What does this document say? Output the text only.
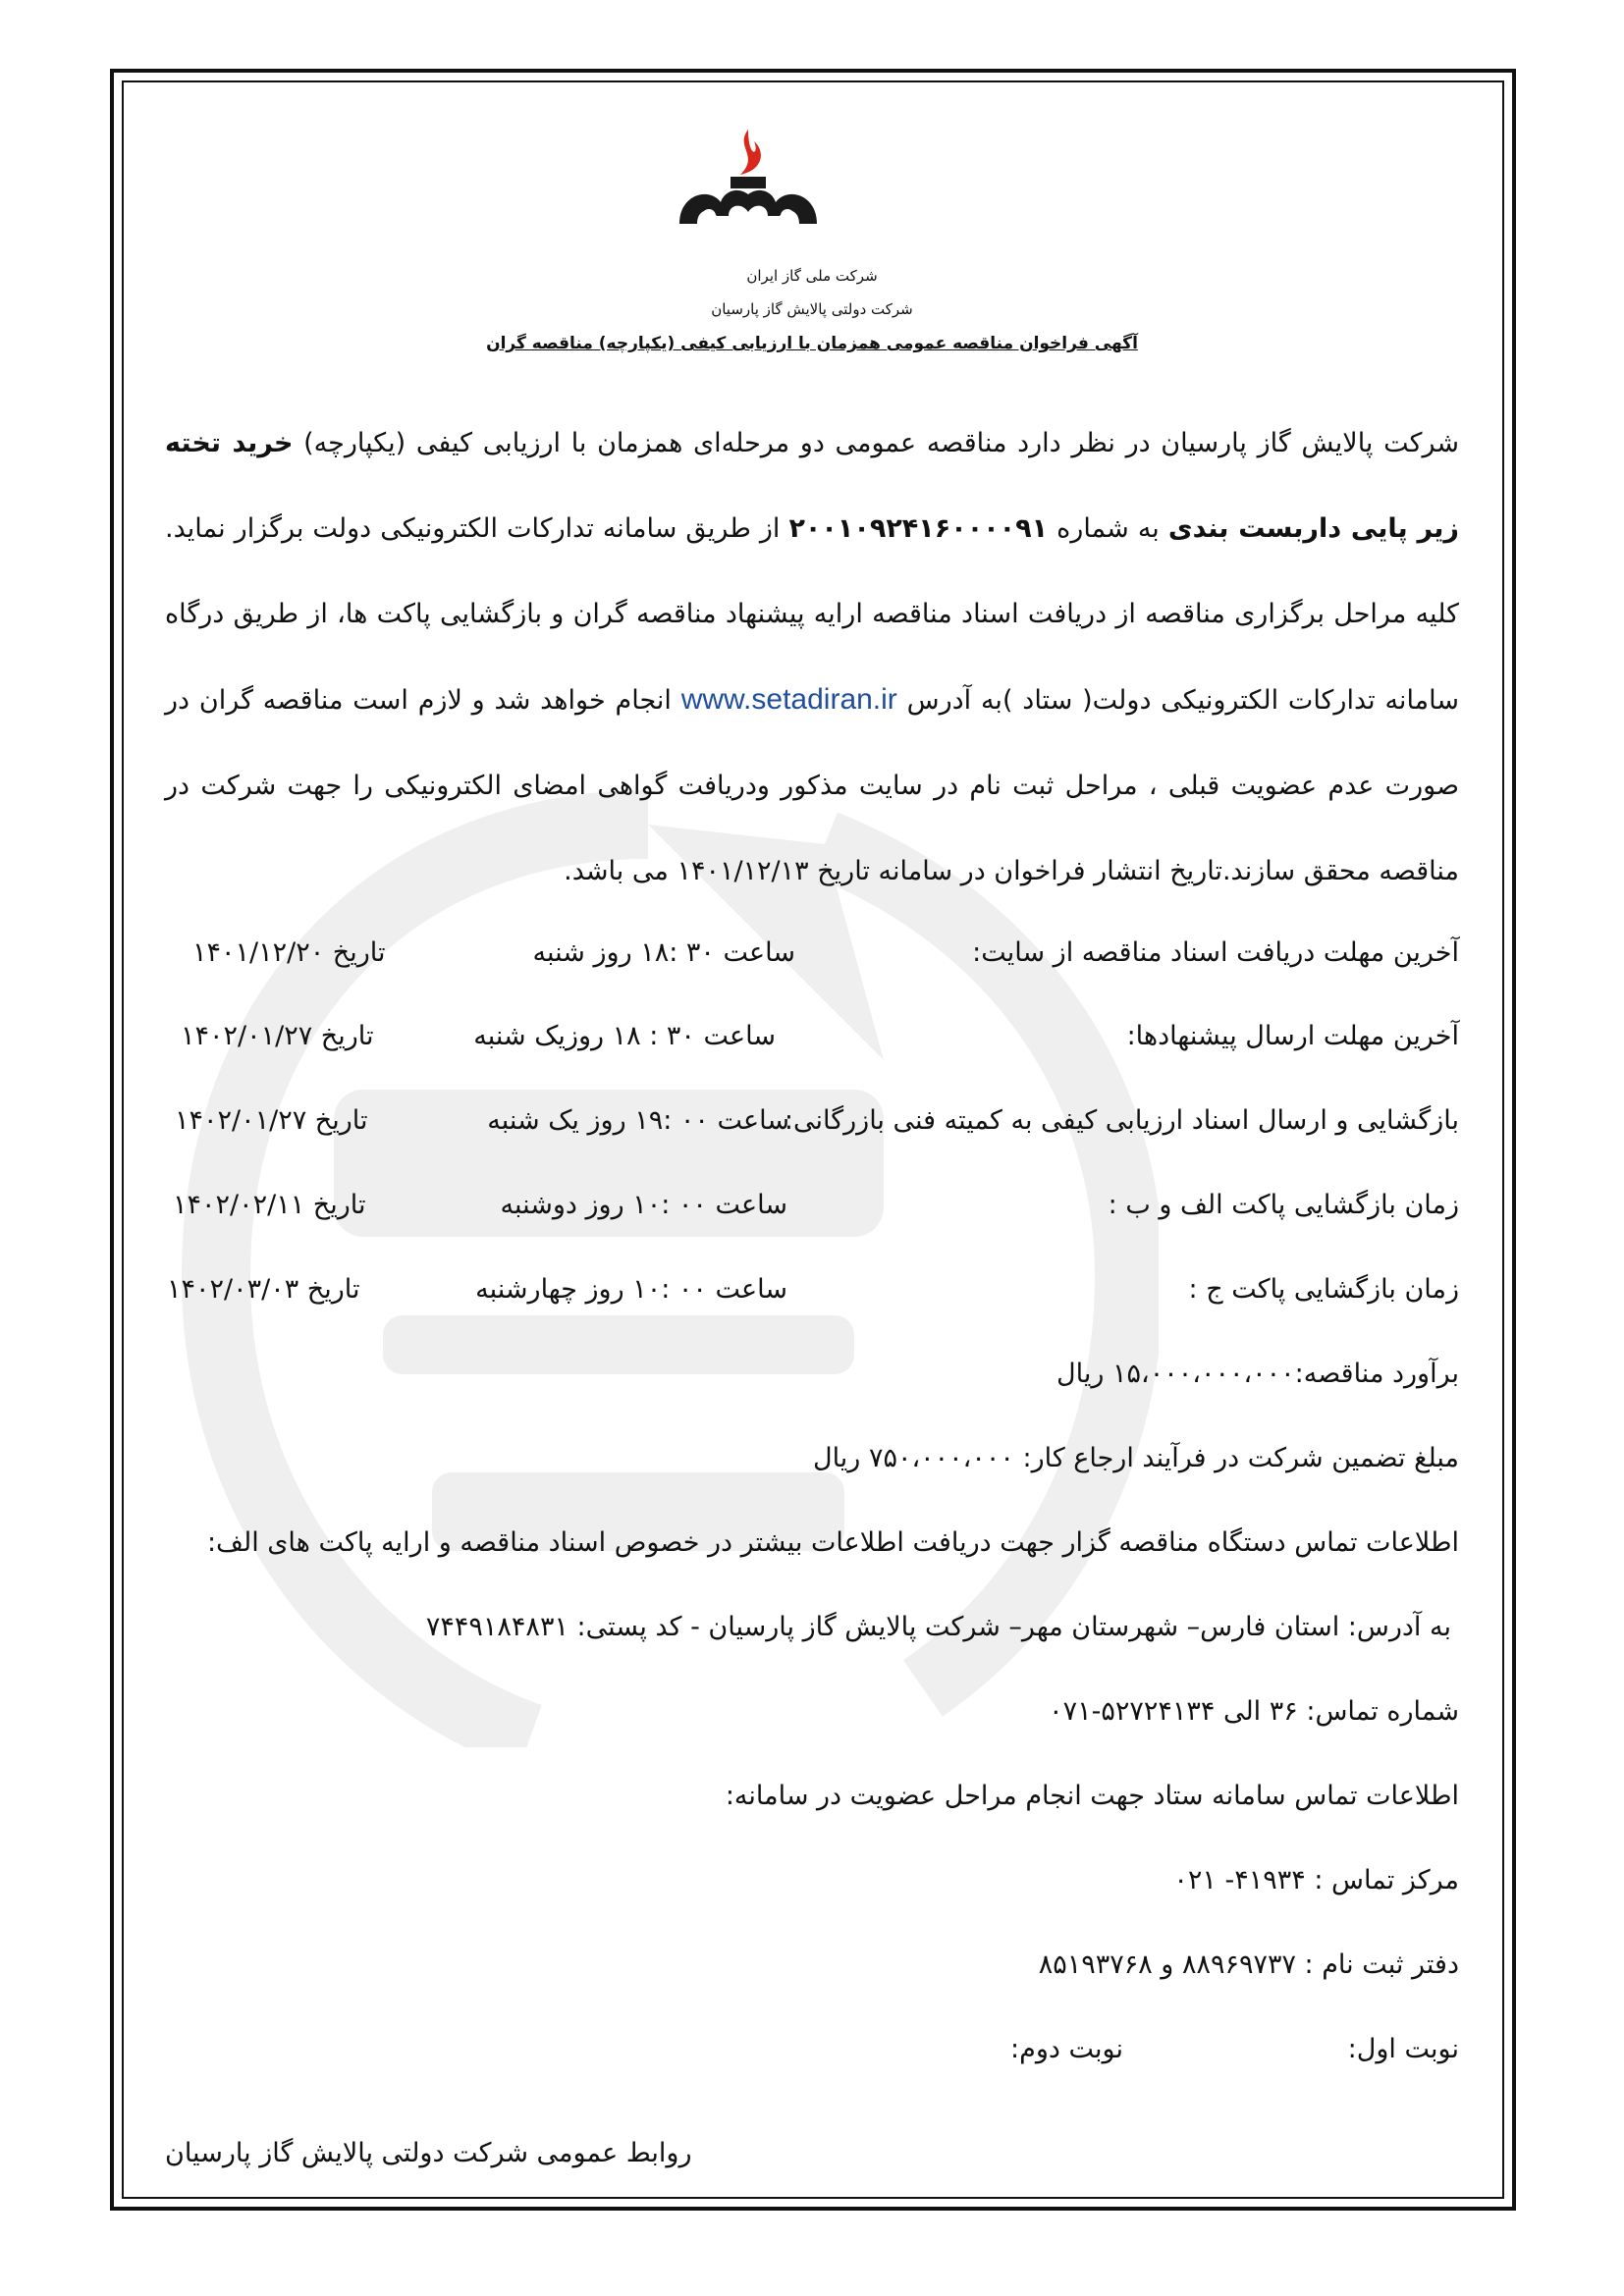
شرکت ملی گاز ایران
شرکت دولتی پالایش گاز پارسیان
آگهی فراخوان مناقصه عمومی همزمان با ارزیابی کیفی (یکپارچه) مناقصه گران
شرکت پالایش گاز پارسیان در نظر دارد مناقصه عمومی دو مرحله‌ای همزمان با ارزیابی کیفی (یکپارچه) خرید تخته زیر پایی داربست بندی به شماره ۲۰۰۱۰۹۲۴۱۶۰۰۰۰۹۱ از طریق سامانه تدارکات الکترونیکی دولت برگزار نماید. کلیه مراحل برگزاری مناقصه از دریافت اسناد مناقصه ارایه پیشنهاد مناقصه گران و بازگشایی پاکت ها، از طریق درگاه سامانه تدارکات الکترونیکی دولت( ستاد )به آدرس www.setadiran.ir انجام خواهد شد و لازم است مناقصه گران در صورت عدم عضویت قبلی ، مراحل ثبت نام در سایت مذکور ودریافت گواهی امضای الکترونیکی را جهت شرکت در مناقصه محقق سازند.تاریخ انتشار فراخوان در سامانه تاریخ ۱۴۰۱/۱۲/۱۳ می باشد.
آخرین مهلت دریافت اسناد مناقصه از سایت:
ساعت ۳۰ :۱۸ روز شنبه
تاریخ ۱۴۰۱/۱۲/۲۰
آخرین مهلت ارسال پیشنهادها:
ساعت ۳۰ : ۱۸ روزیک شنبه
تاریخ ۱۴۰۲/۰۱/۲۷
بازگشایی و ارسال اسناد ارزیابی کیفی به کمیته فنی بازرگانی:
ساعت ۰۰ :۱۹ روز یک شنبه
تاریخ ۱۴۰۲/۰۱/۲۷
زمان بازگشایی پاکت الف و ب :
ساعت ۰۰ :۱۰ روز دوشنبه
تاریخ ۱۴۰۲/۰۲/۱۱
زمان بازگشایی پاکت ج :
ساعت ۰۰ :۱۰ روز چهارشنبه
تاریخ ۱۴۰۲/۰۳/۰۳
برآورد مناقصه:۱۵،۰۰۰،۰۰۰،۰۰۰ ریال
مبلغ تضمین شرکت در فرآیند ارجاع کار: ۷۵۰،۰۰۰،۰۰۰ ریال
اطلاعات تماس دستگاه مناقصه گزار جهت دریافت اطلاعات بیشتر در خصوص اسناد مناقصه و ارایه پاکت های الف:
به آدرس: استان فارس– شهرستان مهر– شرکت پالایش گاز پارسیان - کد پستی: ۷۴۴۹۱۸۴۸۳۱
شماره تماس: ۳۶ الی ۵۲۷۲۴۱۳۴-۰۷۱
اطلاعات تماس سامانه ستاد جهت انجام مراحل عضویت در سامانه:
مرکز تماس : ۴۱۹۳۴- ۰۲۱
دفتر ثبت نام : ۸۸۹۶۹۷۳۷ و ۸۵۱۹۳۷۶۸
نوبت اول:
نوبت دوم:
روابط عمومی شرکت دولتی پالایش گاز پارسیان
